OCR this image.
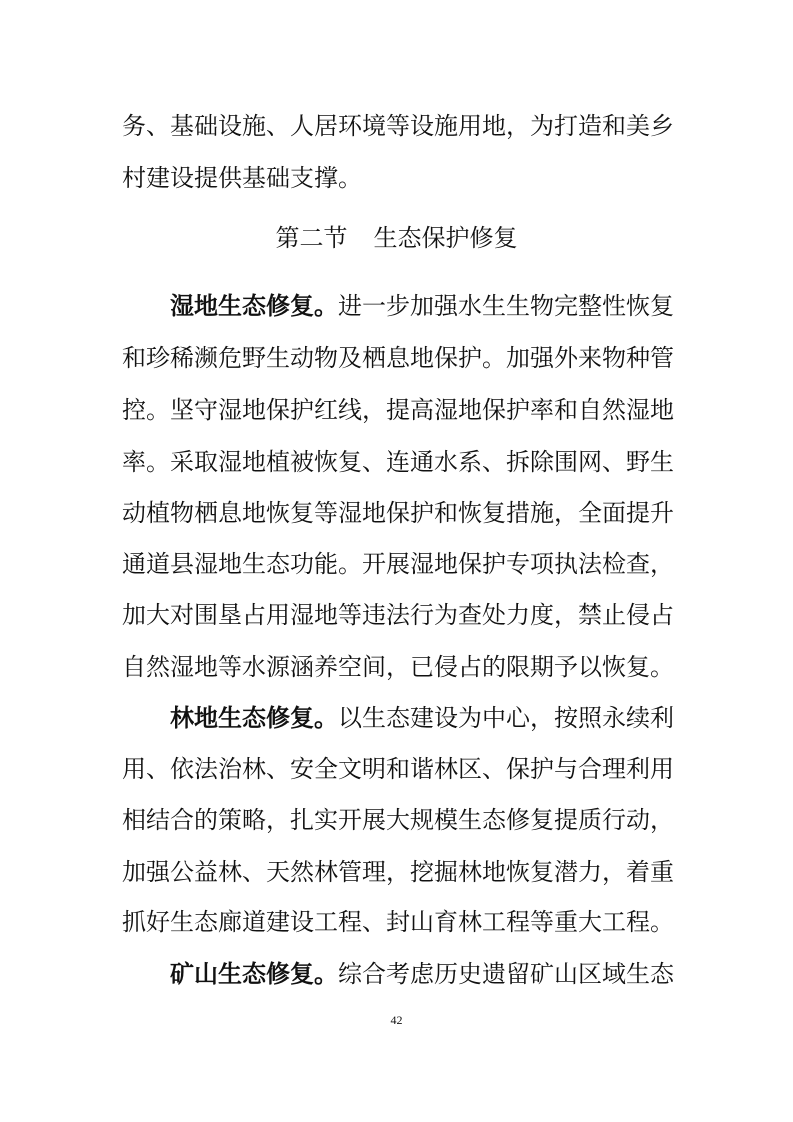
务、基础设施、人居环境等设施用地，为打造和美乡
村建设提供基础支撑。
第二节 生态保护修复
湿地生态修复。进一步加强水生生物完整性恢复
和珍稀濒危野生动物及栖息地保护。加强外来物种管
控。坚守湿地保护红线，提高湿地保护率和自然湿地
率。采取湿地植被恢复、连通水系、拆除围网、野生
动植物栖息地恢复等湿地保护和恢复措施，全面提升
通道县湿地生态功能。开展湿地保护专项执法检查，
加大对围垦占用湿地等违法行为查处力度，禁止侵占
自然湿地等水源涵养空间，已侵占的限期予以恢复。
林地生态修复。以生态建设为中心，按照永续利
用、依法治林、安全文明和谐林区、保护与合理利用
相结合的策略，扎实开展大规模生态修复提质行动，
加强公益林、天然林管理，挖掘林地恢复潜力，着重
抓好生态廊道建设工程、封山育林工程等重大工程。
矿山生态修复。综合考虑历史遗留矿山区域生态
42
